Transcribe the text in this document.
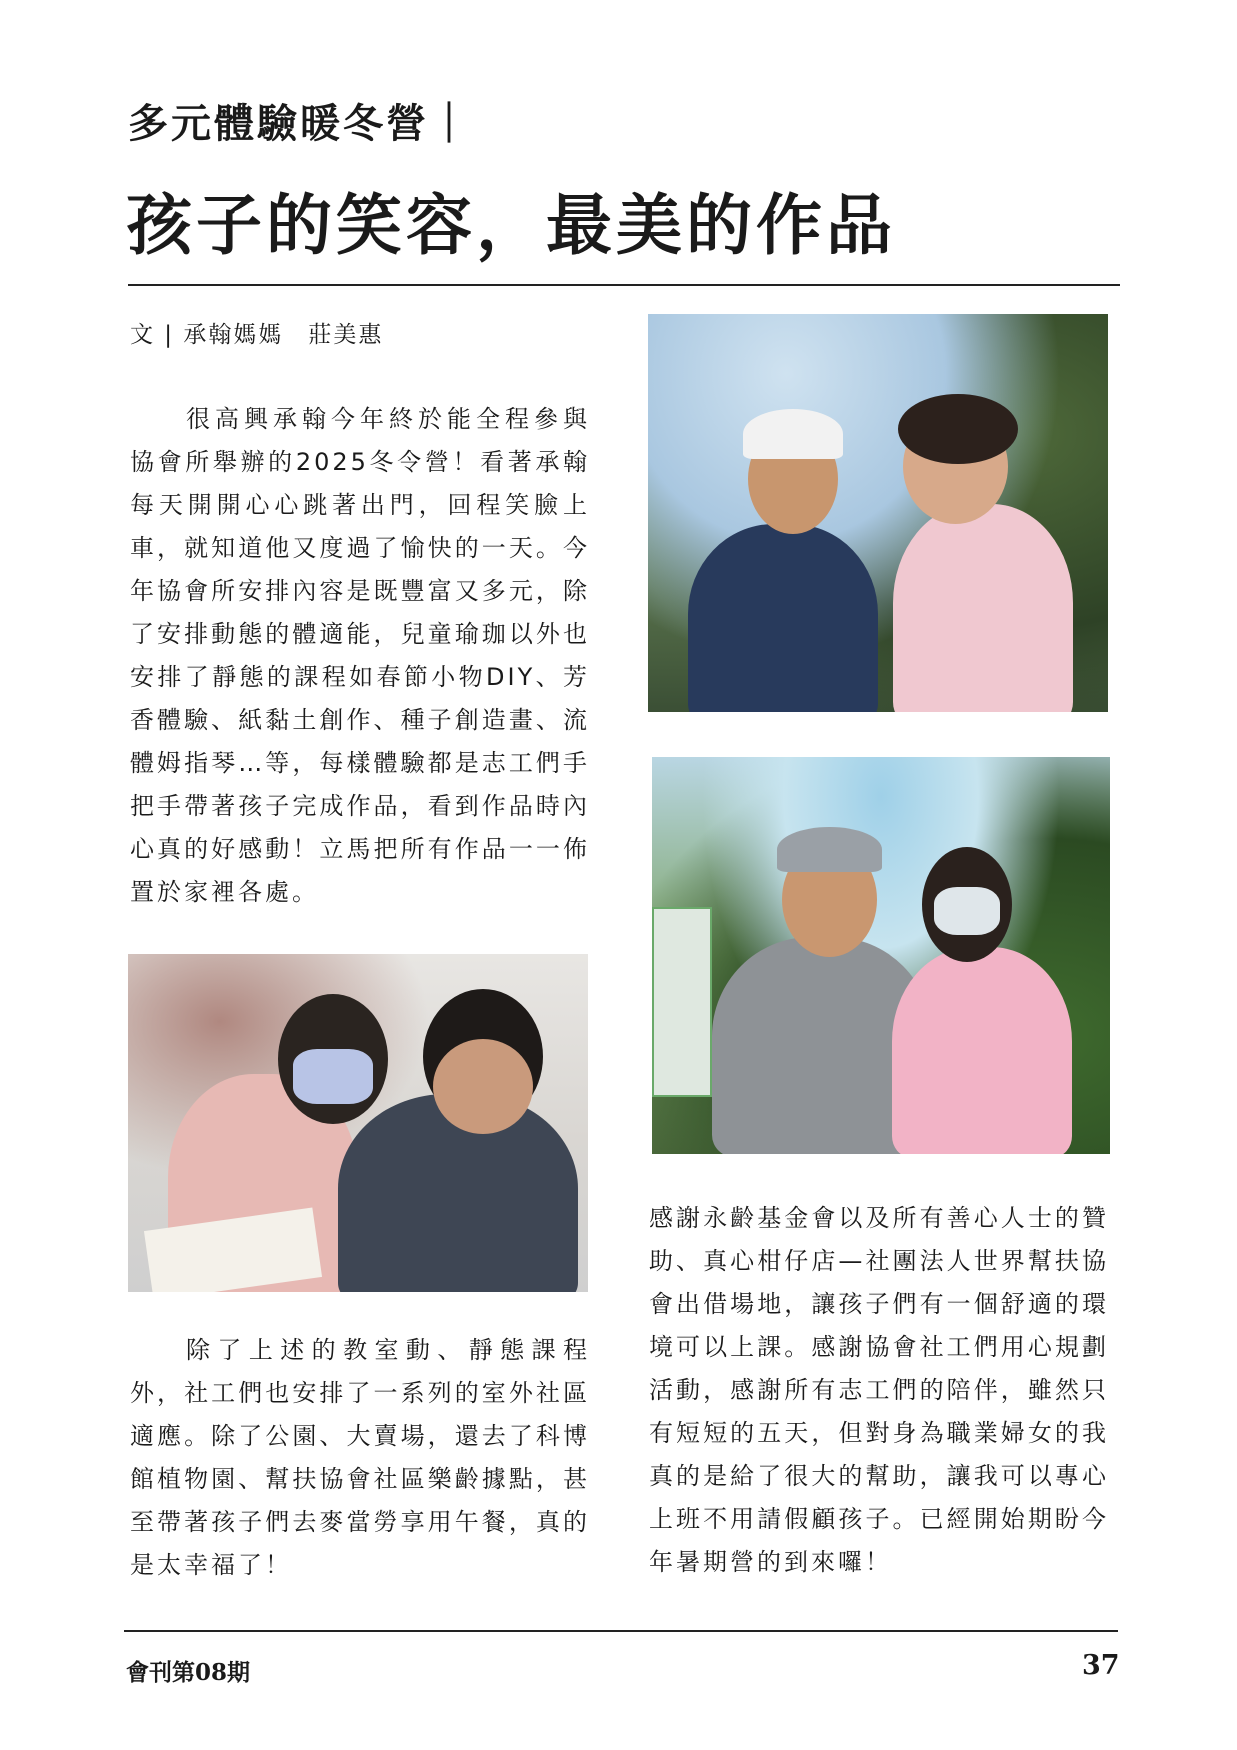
多元體驗暖冬營｜
孩子的笑容，最美的作品
文 | 承翰媽媽　莊美惠

很高興承翰今年終於能全程參與協會所舉辦的2025冬令營！看著承翰每天開開心心跳著出門，回程笑臉上車，就知道他又度過了愉快的一天。今年協會所安排內容是既豐富又多元，除了安排動態的體適能，兒童瑜珈以外也安排了靜態的課程如春節小物DIY、芳香體驗、紙黏土創作、種子創造畫、流體姆指琴…等，每樣體驗都是志工們手把手帶著孩子完成作品，看到作品時內心真的好感動！立馬把所有作品一一佈置於家裡各處。

除了上述的教室動、靜態課程外，社工們也安排了一系列的室外社區適應。除了公園、大賣場，還去了科博館植物園、幫扶協會社區樂齡據點，甚至帶著孩子們去麥當勞享用午餐，真的是太幸福了！

感謝永齡基金會以及所有善心人士的贊助、真心柑仔店—社團法人世界幫扶協會出借場地，讓孩子們有一個舒適的環境可以上課。感謝協會社工們用心規劃活動，感謝所有志工們的陪伴，雖然只有短短的五天，但對身為職業婦女的我真的是給了很大的幫助，讓我可以專心上班不用請假顧孩子。已經開始期盼今年暑期營的到來囉！

會刊第08期	37
